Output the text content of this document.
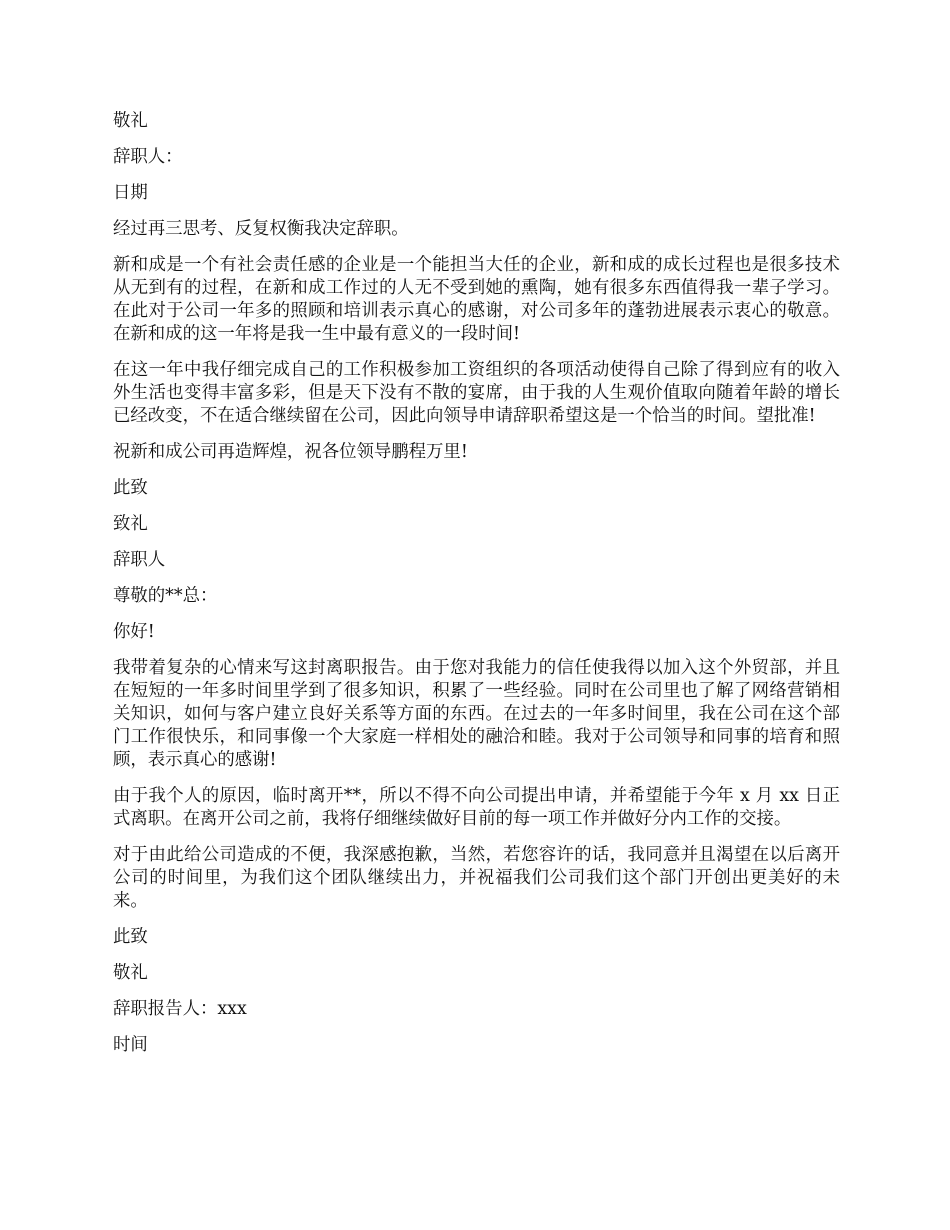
敬礼

辞职人：

日期

经过再三思考、反复权衡我决定辞职。

新和成是一个有社会责任感的企业是一个能担当大任的企业，新和成的成长过程也是很多技术从无到有的过程，在新和成工作过的人无不受到她的熏陶，她有很多东西值得我一辈子学习。在此对于公司一年多的照顾和培训表示真心的感谢，对公司多年的蓬勃进展表示衷心的敬意。在新和成的这一年将是我一生中最有意义的一段时间!

在这一年中我仔细完成自己的工作积极参加工资组织的各项活动使得自己除了得到应有的收入外生活也变得丰富多彩，但是天下没有不散的宴席，由于我的人生观价值取向随着年龄的增长已经改变，不在适合继续留在公司，因此向领导申请辞职希望这是一个恰当的时间。望批准!

祝新和成公司再造辉煌，祝各位领导鹏程万里!

此致

致礼

辞职人

尊敬的**总：

你好!

我带着复杂的心情来写这封离职报告。由于您对我能力的信任使我得以加入这个外贸部，并且在短短的一年多时间里学到了很多知识，积累了一些经验。同时在公司里也了解了网络营销相关知识，如何与客户建立良好关系等方面的东西。在过去的一年多时间里，我在公司在这个部门工作很快乐，和同事像一个大家庭一样相处的融洽和睦。我对于公司领导和同事的培育和照顾，表示真心的感谢!

由于我个人的原因，临时离开**，所以不得不向公司提出申请，并希望能于今年 x 月 xx 日正式离职。在离开公司之前，我将仔细继续做好目前的每一项工作并做好分内工作的交接。

对于由此给公司造成的不便，我深感抱歉，当然，若您容许的话，我同意并且渴望在以后离开公司的时间里，为我们这个团队继续出力，并祝福我们公司我们这个部门开创出更美好的未来。

此致

敬礼

辞职报告人：xxx

时间
